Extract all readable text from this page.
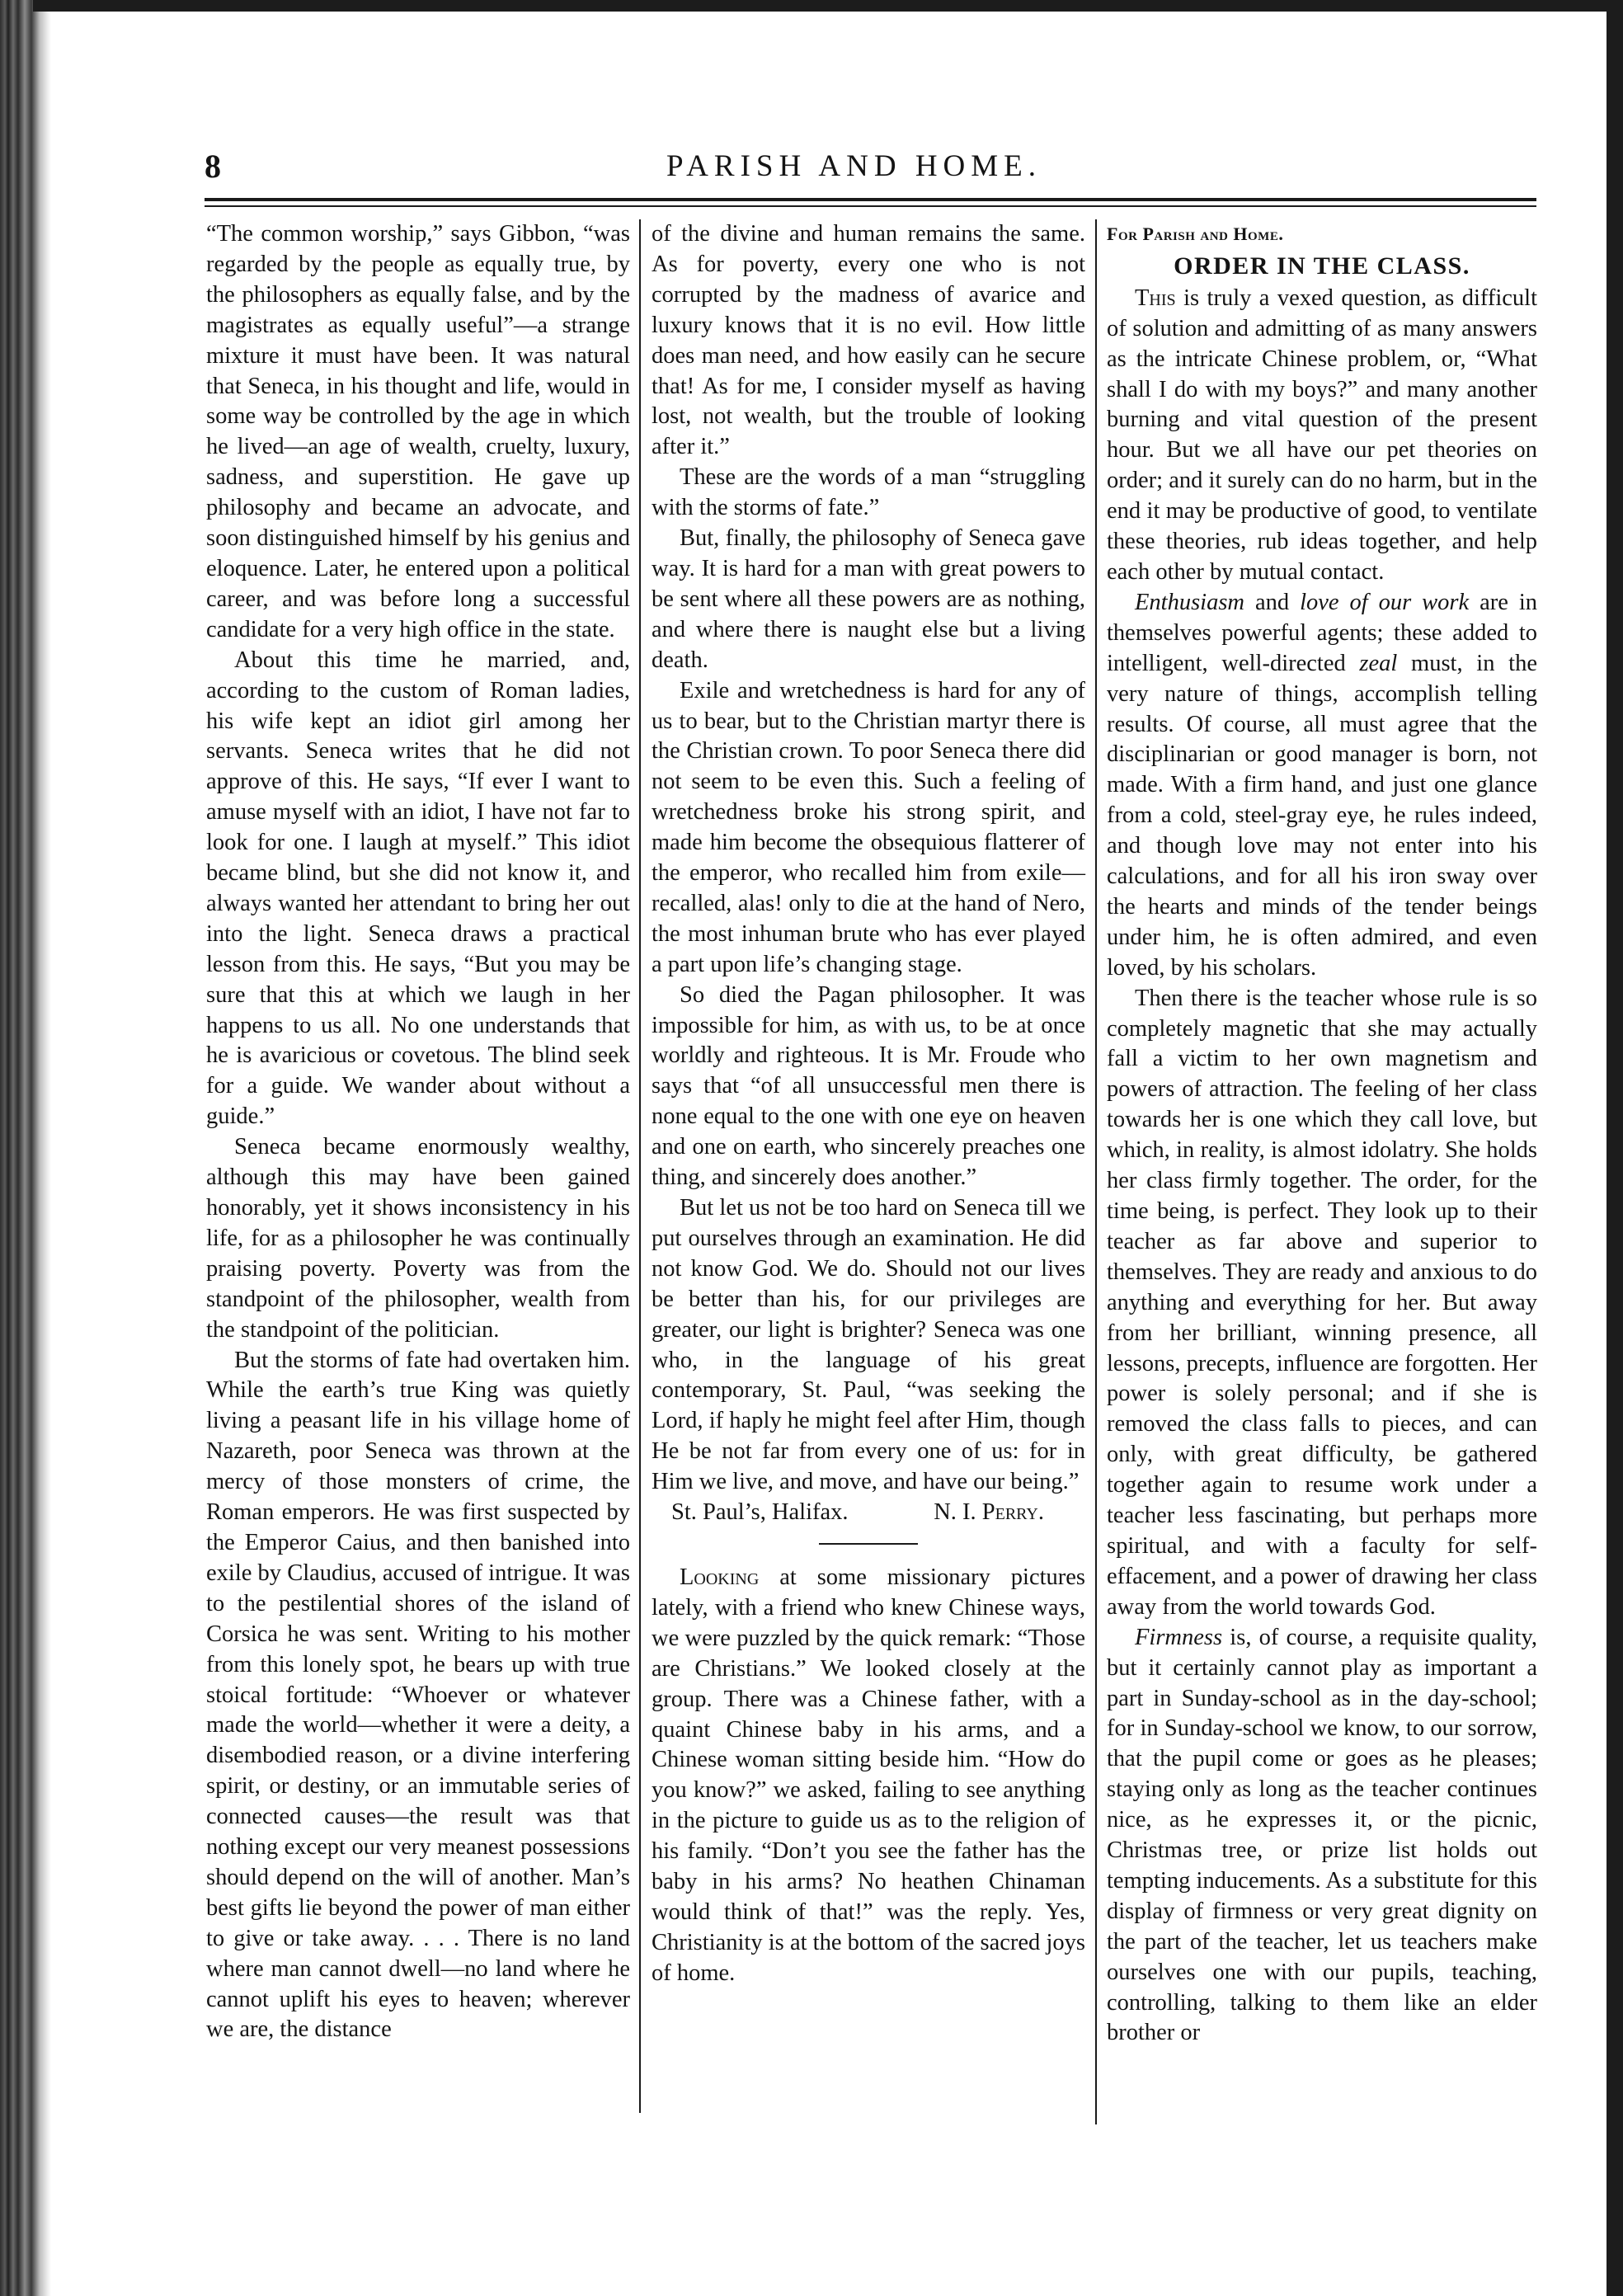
8	PARISH AND HOME.

“The common worship,” says Gibbon, “was regarded by the people as equally true, by the philosophers as equally false, and by the magistrates as equally useful”—a strange mixture it must have been. It was natural that Seneca, in his thought and life, would in some way be controlled by the age in which he lived—an age of wealth, cruelty, luxury, sadness, and superstition. He gave up philosophy and became an advocate, and soon distinguished himself by his genius and eloquence. Later, he entered upon a political career, and was before long a successful candidate for a very high office in the state.

About this time he married, and, according to the custom of Roman ladies, his wife kept an idiot girl among her servants. Seneca writes that he did not approve of this. He says, “If ever I want to amuse myself with an idiot, I have not far to look for one. I laugh at myself.” This idiot became blind, but she did not know it, and always wanted her attendant to bring her out into the light. Seneca draws a practical lesson from this. He says, “But you may be sure that this at which we laugh in her happens to us all. No one understands that he is avaricious or covetous. The blind seek for a guide. We wander about without a guide.”

Seneca became enormously wealthy, although this may have been gained honorably, yet it shows inconsistency in his life, for as a philosopher he was continually praising poverty. Poverty was from the standpoint of the philosopher, wealth from the standpoint of the politician.

But the storms of fate had overtaken him. While the earth’s true King was quietly living a peasant life in his village home of Nazareth, poor Seneca was thrown at the mercy of those monsters of crime, the Roman emperors. He was first suspected by the Emperor Caius, and then banished into exile by Claudius, accused of intrigue. It was to the pestilential shores of the island of Corsica he was sent. Writing to his mother from this lonely spot, he bears up with true stoical fortitude: “Whoever or whatever made the world—whether it were a deity, a disembodied reason, or a divine interfering spirit, or destiny, or an immutable series of connected causes—the result was that nothing except our very meanest possessions should depend on the will of another. Man’s best gifts lie beyond the power of man either to give or take away. . . . There is no land where man cannot dwell—no land where he cannot uplift his eyes to heaven; wherever we are, the distance

of the divine and human remains the same. As for poverty, every one who is not corrupted by the madness of avarice and luxury knows that it is no evil. How little does man need, and how easily can he secure that! As for me, I consider myself as having lost, not wealth, but the trouble of looking after it.”

These are the words of a man “struggling with the storms of fate.”

But, finally, the philosophy of Seneca gave way. It is hard for a man with great powers to be sent where all these powers are as nothing, and where there is naught else but a living death.

Exile and wretchedness is hard for any of us to bear, but to the Christian martyr there is the Christian crown. To poor Seneca there did not seem to be even this. Such a feeling of wretchedness broke his strong spirit, and made him become the obsequious flatterer of the emperor, who recalled him from exile—recalled, alas! only to die at the hand of Nero, the most inhuman brute who has ever played a part upon life’s changing stage.

So died the Pagan philosopher. It was impossible for him, as with us, to be at once worldly and righteous. It is Mr. Froude who says that “of all unsuccessful men there is none equal to the one with one eye on heaven and one on earth, who sincerely preaches one thing, and sincerely does another.”

But let us not be too hard on Seneca till we put ourselves through an examination. He did not know God. We do. Should not our lives be better than his, for our privileges are greater, our light is brighter? Seneca was one who, in the language of his great contemporary, St. Paul, “was seeking the Lord, if haply he might feel after Him, though He be not far from every one of us: for in Him we live, and move, and have our being.”

St. Paul’s, Halifax.	N. I. Perry.

Looking at some missionary pictures lately, with a friend who knew Chinese ways, we were puzzled by the quick remark: “Those are Christians.” We looked closely at the group. There was a Chinese father, with a quaint Chinese baby in his arms, and a Chinese woman sitting beside him. “How do you know?” we asked, failing to see anything in the picture to guide us as to the religion of his family. “Don’t you see the father has the baby in his arms? No heathen Chinaman would think of that!” was the reply. Yes, Christianity is at the bottom of the sacred joys of home.

For Parish and Home.
ORDER IN THE CLASS.

This is truly a vexed question, as difficult of solution and admitting of as many answers as the intricate Chinese problem, or, “What shall I do with my boys?” and many another burning and vital question of the present hour. But we all have our pet theories on order; and it surely can do no harm, but in the end it may be productive of good, to ventilate these theories, rub ideas together, and help each other by mutual contact.

Enthusiasm and love of our work are in themselves powerful agents; these added to intelligent, well-directed zeal must, in the very nature of things, accomplish telling results. Of course, all must agree that the disciplinarian or good manager is born, not made. With a firm hand, and just one glance from a cold, steel-gray eye, he rules indeed, and though love may not enter into his calculations, and for all his iron sway over the hearts and minds of the tender beings under him, he is often admired, and even loved, by his scholars.

Then there is the teacher whose rule is so completely magnetic that she may actually fall a victim to her own magnetism and powers of attraction. The feeling of her class towards her is one which they call love, but which, in reality, is almost idolatry. She holds her class firmly together. The order, for the time being, is perfect. They look up to their teacher as far above and superior to themselves. They are ready and anxious to do anything and everything for her. But away from her brilliant, winning presence, all lessons, precepts, influence are forgotten. Her power is solely personal; and if she is removed the class falls to pieces, and can only, with great difficulty, be gathered together again to resume work under a teacher less fascinating, but perhaps more spiritual, and with a faculty for self-effacement, and a power of drawing her class away from the world towards God.

Firmness is, of course, a requisite quality, but it certainly cannot play as important a part in Sunday-school as in the day-school; for in Sunday-school we know, to our sorrow, that the pupil come or goes as he pleases; staying only as long as the teacher continues nice, as he expresses it, or the picnic, Christmas tree, or prize list holds out tempting inducements. As a substitute for this display of firmness or very great dignity on the part of the teacher, let us teachers make ourselves one with our pupils, teaching, controlling, talking to them like an elder brother or
